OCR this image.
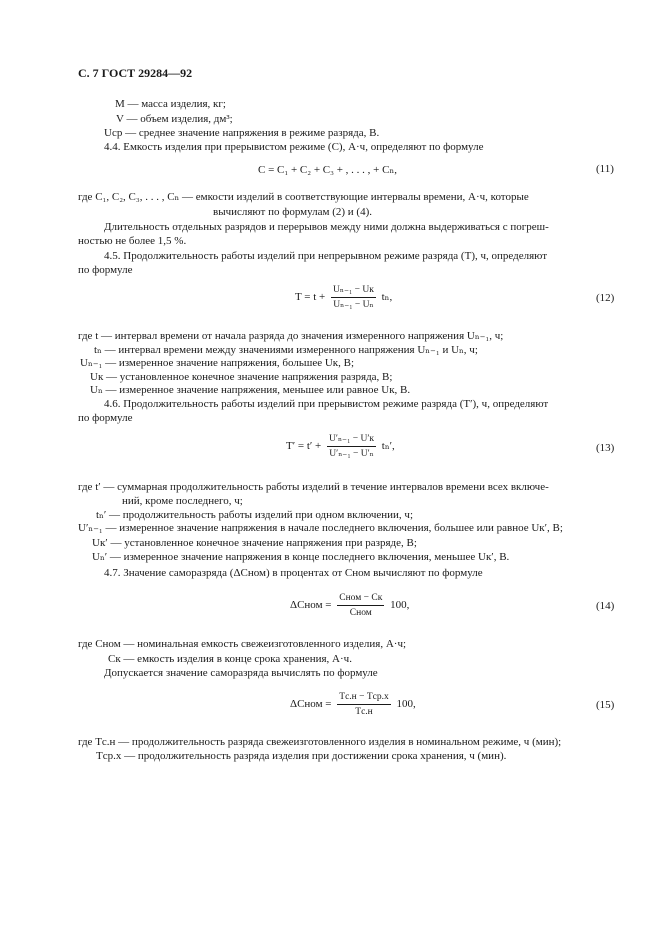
С. 7 ГОСТ 29284—92
M — масса изделия, кг;
V — объем изделия, дм³;
Uср — среднее значение напряжения в режиме разряда, В.
4.4. Емкость изделия при прерывистом режиме (C), А·ч, определяют по формуле
C = C₁ + C₂ + C₃ + , . . . , + Cₙ,	(11)
где C₁, C₂, C₃, . . . , Cₙ — емкости изделий в соответствующие интервалы времени, А·ч, которые
вычисляют по формулам (2) и (4).
Длительность отдельных разрядов и перерывов между ними должна выдерживаться с погреш-
ностью не более 1,5 %.
4.5. Продолжительность работы изделий при непрерывном режиме разряда (T), ч, определяют
по формуле
$T = t + \frac{\text{Uₙ₋₁ − Uк}}{\text{Uₙ₋₁ − Uₙ}} t_n$,	(12)
где t — интервал времени от начала разряда до значения измеренного напряжения Uₙ₋₁, ч;
tₙ — интервал времени между значениями измеренного напряжения Uₙ₋₁ и Uₙ, ч;
Uₙ₋₁ — измеренное значение напряжения, большее Uк, В;
Uк — установленное конечное значение напряжения разряда, В;
Uₙ — измеренное значение напряжения, меньшее или равное Uк, В.
4.6. Продолжительность работы изделий при прерывистом режиме разряда (T′), ч, определяют
по формуле
$T' = t' + \frac{\text{U′ₙ₋₁ − U′к}}{\text{U′ₙ₋₁ − U′ₙ}} t_n'$,	(13)
где t′ — суммарная продолжительность работы изделий в течение интервалов времени всех включе-
ний, кроме последнего, ч;
tₙ′ — продолжительность работы изделий при одном включении, ч;
U′ₙ₋₁ — измеренное значение напряжения в начале последнего включения, большее или равное Uк′, В;
Uк′ — установленное конечное значение напряжения при разряде, В;
Uₙ′ — измеренное значение напряжения в конце последнего включения, меньшее Uк′, В.
4.7. Значение саморазряда (ΔCном) в процентах от Cном вычисляют по формуле
ΔCном = $\frac{\text{Cном − Cк}}{\text{Cном}} 100$,	(14)
где Cном — номинальная емкость свежеизготовленного изделия, А·ч;
Cк — емкость изделия в конце срока хранения, А·ч.
Допускается значение саморазряда вычислять по формуле
ΔCном = $\frac{\text{Tс.н − Tср.х}}{Tс.н} 100$,	(15)
где Tс.н — продолжительность разряда свежеизготовленного изделия в номинальном режиме, ч (мин);
Tср.х — продолжительность разряда изделия при достижении срока хранения, ч (мин).
